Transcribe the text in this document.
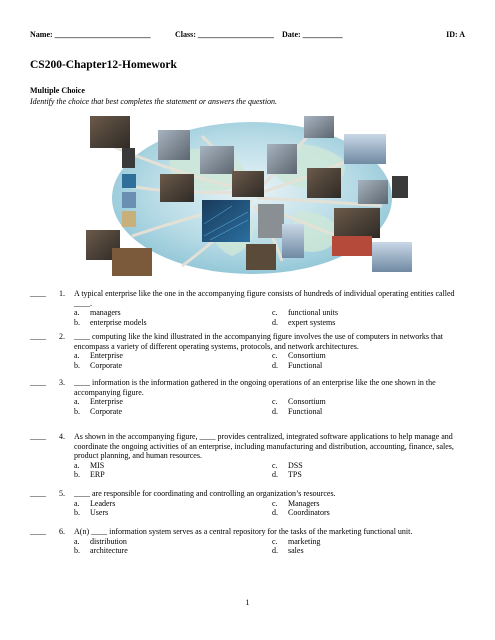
Name: ________________________	Class: ___________________ Date: __________	ID: A
CS200-Chapter12-Homework
Multiple Choice
Identify the choice that best completes the statement or answers the question.
____ 1. A typical enterprise like the one in the accompanying figure consists of hundreds of individual operating entities called ____.
a. managers
b. enterprise models
c. functional units
d. expert systems
____ 2. ____ computing like the kind illustrated in the accompanying figure involves the use of computers in networks that encompass a variety of different operating systems, protocols, and network architectures.
a. Enterprise
b. Corporate
c. Consortium
d. Functional
____ 3. ____ information is the information gathered in the ongoing operations of an enterprise like the one shown in the accompanying figure.
a. Enterprise
b. Corporate
c. Consortium
d. Functional
____ 4. As shown in the accompanying figure, ____ provides centralized, integrated software applications to help manage and coordinate the ongoing activities of an enterprise, including manufacturing and distribution, accounting, finance, sales, product planning, and human resources.
a. MIS
b. ERP
c. DSS
d. TPS
____ 5. ____ are responsible for coordinating and controlling an organization’s resources.
a. Leaders
b. Users
c. Managers
d. Coordinators
____ 6. A(n) ____ information system serves as a central repository for the tasks of the marketing functional unit.
a. distribution
b. architecture
c. marketing
d. sales
1
